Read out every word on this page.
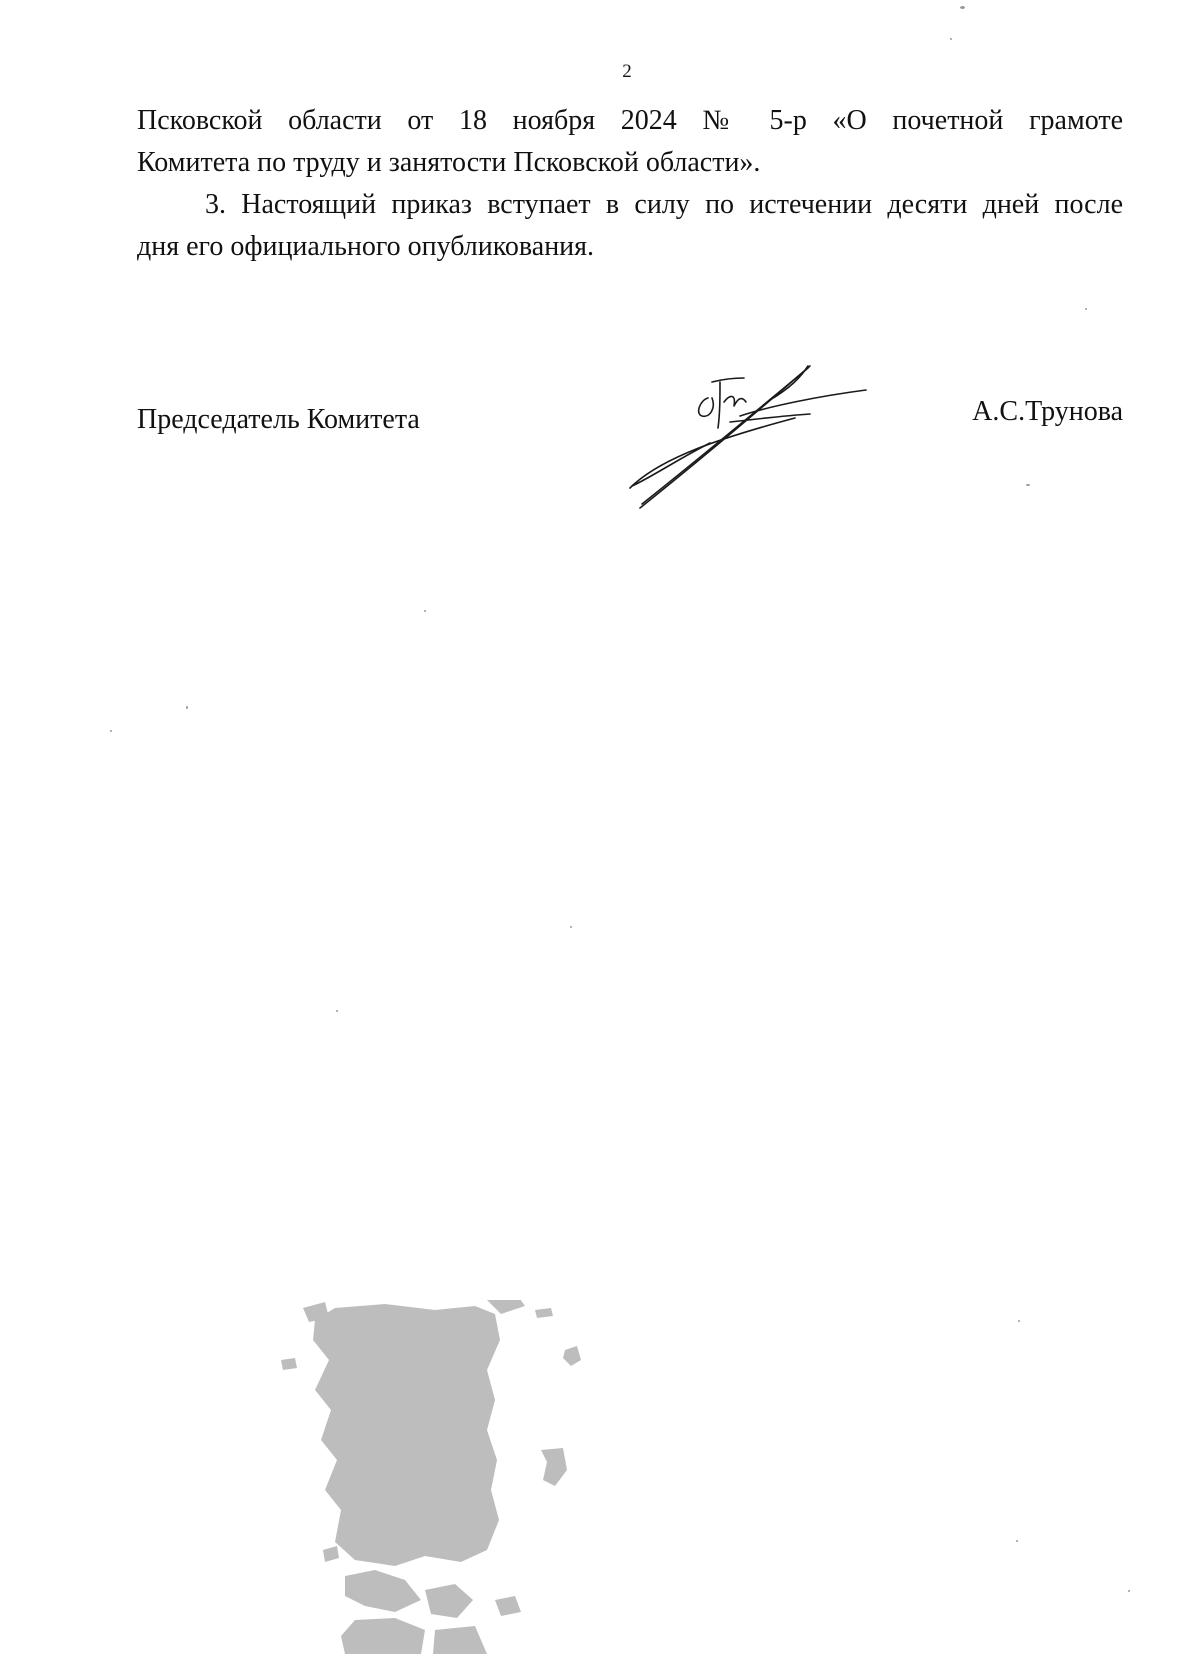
2
Псковской области от 18 ноября 2024 № 5-р «О почетной грамоте
Комитета по труду и занятости Псковской области».
3. Настоящий приказ вступает в силу по истечении десяти дней после
дня его официального опубликования.
Председатель Комитета	А.С.Трунова
